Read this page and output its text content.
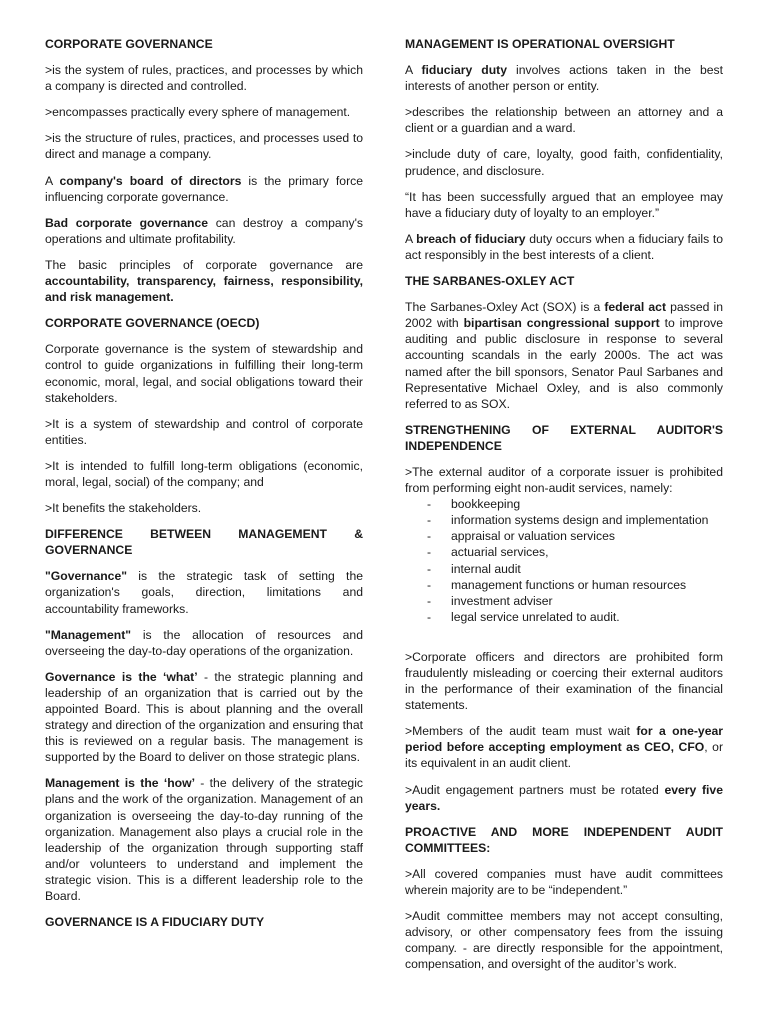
CORPORATE GOVERNANCE

>is the system of rules, practices, and processes by which a company is directed and controlled.

>encompasses practically every sphere of management.

>is the structure of rules, practices, and processes used to direct and manage a company.

A company's board of directors is the primary force influencing corporate governance.

Bad corporate governance can destroy a company's operations and ultimate profitability.

The basic principles of corporate governance are accountability, transparency, fairness, responsibility, and risk management.

CORPORATE GOVERNANCE (OECD)

Corporate governance is the system of stewardship and control to guide organizations in fulfilling their long-term economic, moral, legal, and social obligations toward their stakeholders.

>It is a system of stewardship and control of corporate entities.

>It is intended to fulfill long-term obligations (economic, moral, legal, social) of the company; and

>It benefits the stakeholders.

DIFFERENCE BETWEEN MANAGEMENT & GOVERNANCE

"Governance" is the strategic task of setting the organization's goals, direction, limitations and accountability frameworks.

"Management" is the allocation of resources and overseeing the day-to-day operations of the organization.

Governance is the ‘what’ - the strategic planning and leadership of an organization that is carried out by the appointed Board. This is about planning and the overall strategy and direction of the organization and ensuring that this is reviewed on a regular basis. The management is supported by the Board to deliver on those strategic plans.

Management is the ‘how’ - the delivery of the strategic plans and the work of the organization. Management of an organization is overseeing the day-to-day running of the organization. Management also plays a crucial role in the leadership of the organization through supporting staff and/or volunteers to understand and implement the strategic vision. This is a different leadership role to the Board.

GOVERNANCE IS A FIDUCIARY DUTY
MANAGEMENT IS OPERATIONAL OVERSIGHT

A fiduciary duty involves actions taken in the best interests of another person or entity.

>describes the relationship between an attorney and a client or a guardian and a ward.

>include duty of care, loyalty, good faith, confidentiality, prudence, and disclosure.

“It has been successfully argued that an employee may have a fiduciary duty of loyalty to an employer.”

A breach of fiduciary duty occurs when a fiduciary fails to act responsibly in the best interests of a client.

THE SARBANES-OXLEY ACT

The Sarbanes-Oxley Act (SOX) is a federal act passed in 2002 with bipartisan congressional support to improve auditing and public disclosure in response to several accounting scandals in the early 2000s. The act was named after the bill sponsors, Senator Paul Sarbanes and Representative Michael Oxley, and is also commonly referred to as SOX.

STRENGTHENING OF EXTERNAL AUDITOR'S INDEPENDENCE

>The external auditor of a corporate issuer is prohibited from performing eight non-audit services, namely:

- bookkeeping
- information systems design and implementation
- appraisal or valuation services
- actuarial services,
- internal audit
- management functions or human resources
- investment adviser
- legal service unrelated to audit.

>Corporate officers and directors are prohibited form fraudulently misleading or coercing their external auditors in the performance of their examination of the financial statements.

>Members of the audit team must wait for a one-year period before accepting employment as CEO, CFO, or its equivalent in an audit client.

>Audit engagement partners must be rotated every five years.

PROACTIVE AND MORE INDEPENDENT AUDIT COMMITTEES:

>All covered companies must have audit committees wherein majority are to be “independent.”

>Audit committee members may not accept consulting, advisory, or other compensatory fees from the issuing company. - are directly responsible for the appointment, compensation, and oversight of the auditor’s work.
